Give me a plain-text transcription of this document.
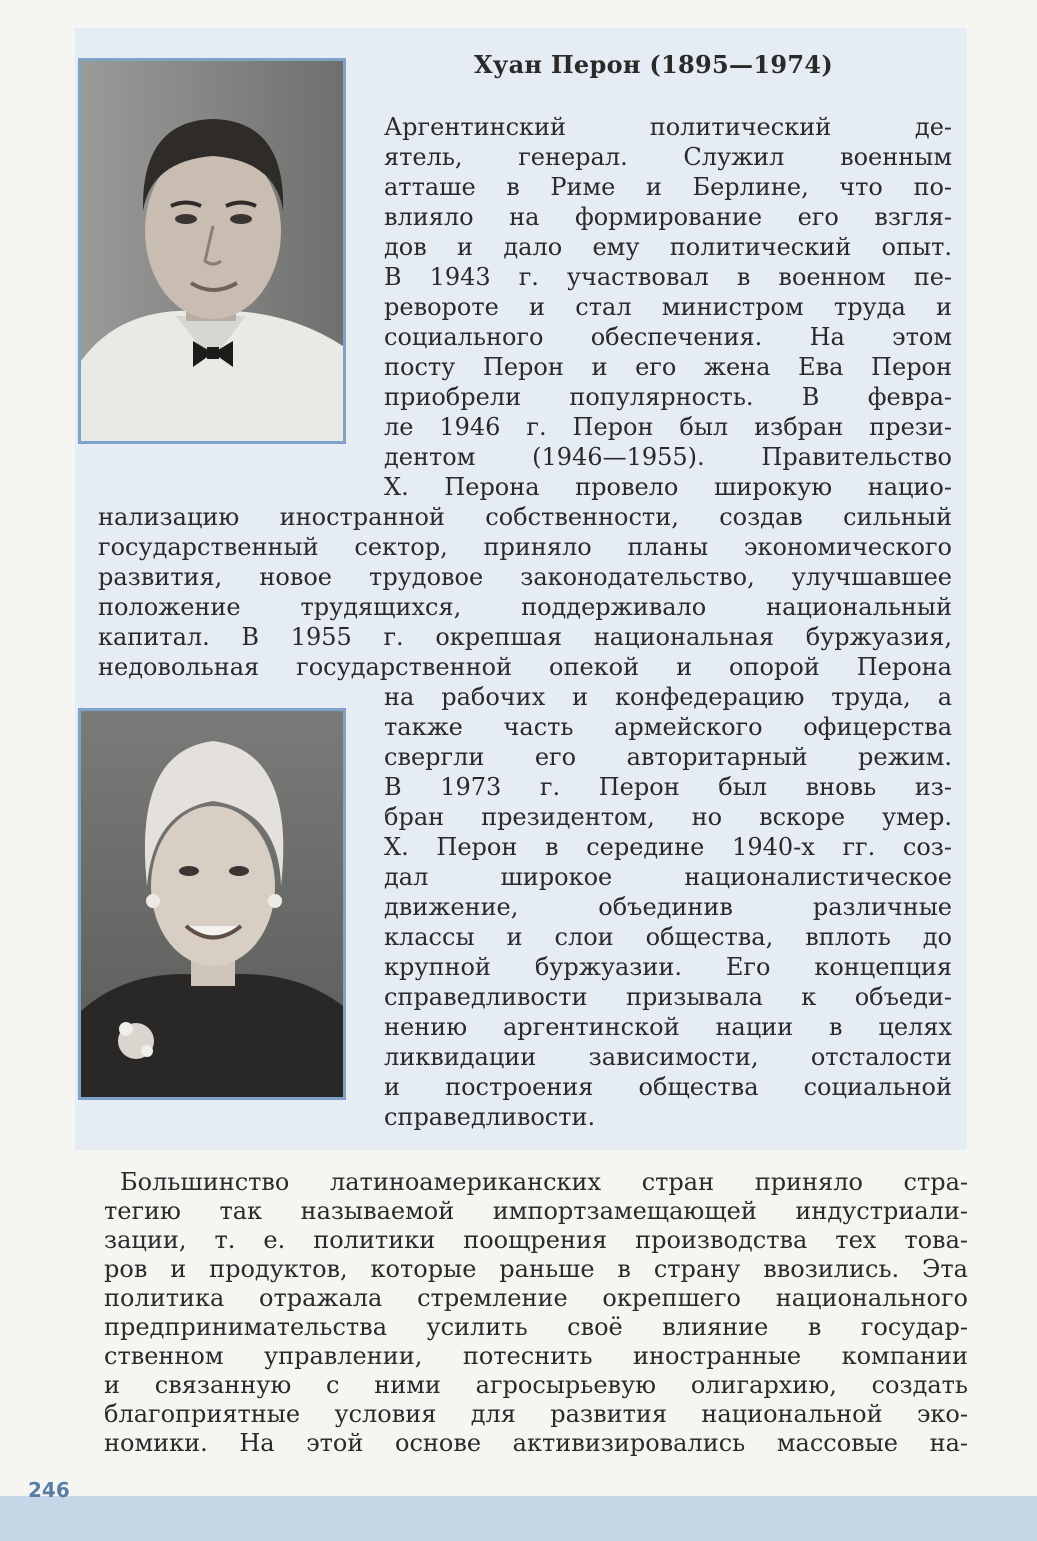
Хуан Перон (1895—1974)
Аргентинский политический де-
ятель, генерал. Служил военным
атташе в Риме и Берлине, что по-
влияло на формирование его взгля-
дов и дало ему политический опыт.
В 1943 г. участвовал в военном пе-
ревороте и стал министром труда и
социального обеспечения. На этом
посту Перон и его жена Ева Перон
приобрели популярность. В февра-
ле 1946 г. Перон был избран прези-
дентом (1946—1955). Правительство
Х. Перона провело широкую нацио-
нализацию иностранной собственности, создав сильный
государственный сектор, приняло планы экономического
развития, новое трудовое законодательство, улучшавшее
положение трудящихся, поддерживало национальный
капитал. В 1955 г. окрепшая национальная буржуазия,
недовольная государственной опекой и опорой Перона
на рабочих и конфедерацию труда, а
также часть армейского офицерства
свергли его авторитарный режим.
В 1973 г. Перон был вновь из-
бран президентом, но вскоре умер.
Х. Перон в середине 1940-х гг. соз-
дал широкое националистическое
движение, объединив различные
классы и слои общества, вплоть до
крупной буржуазии. Его концепция
справедливости призывала к объеди-
нению аргентинской нации в целях
ликвидации зависимости, отсталости
и построения общества социальной
справедливости.
Большинство латиноамериканских стран приняло стра-
тегию так называемой импортзамещающей индустриали-
зации, т. е. политики поощрения производства тех това-
ров и продуктов, которые раньше в страну ввозились. Эта
политика отражала стремление окрепшего национального
предпринимательства усилить своё влияние в государ-
ственном управлении, потеснить иностранные компании
и связанную с ними агросырьевую олигархию, создать
благоприятные условия для развития национальной эко-
номики. На этой основе активизировались массовые на-
246
